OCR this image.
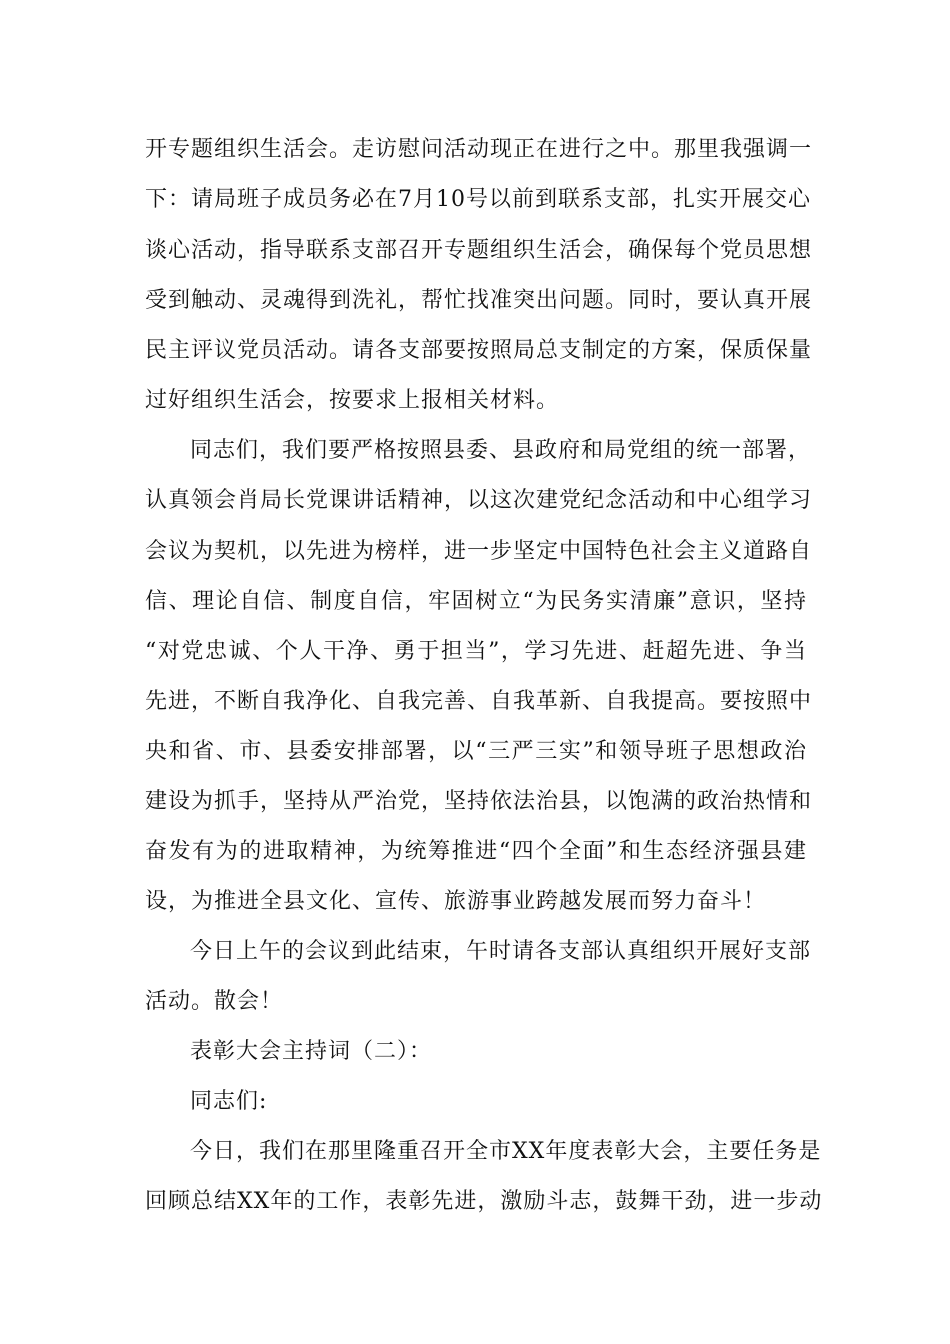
开专题组织生活会。走访慰问活动现正在进行之中。那里我强调一
下：请局班子成员务必在7月10号以前到联系支部，扎实开展交心
谈心活动，指导联系支部召开专题组织生活会，确保每个党员思想
受到触动、灵魂得到洗礼，帮忙找准突出问题。同时，要认真开展
民主评议党员活动。请各支部要按照局总支制定的方案，保质保量
过好组织生活会，按要求上报相关材料。
同志们，我们要严格按照县委、县政府和局党组的统一部署，
认真领会肖局长党课讲话精神，以这次建党纪念活动和中心组学习
会议为契机，以先进为榜样，进一步坚定中国特色社会主义道路自
信、理论自信、制度自信，牢固树立“为民务实清廉”意识，坚持
“对党忠诚、个人干净、勇于担当”，学习先进、赶超先进、争当
先进，不断自我净化、自我完善、自我革新、自我提高。要按照中
央和省、市、县委安排部署，以“三严三实”和领导班子思想政治
建设为抓手，坚持从严治党，坚持依法治县，以饱满的政治热情和
奋发有为的进取精神，为统筹推进“四个全面”和生态经济强县建
设，为推进全县文化、宣传、旅游事业跨越发展而努力奋斗！
今日上午的会议到此结束，午时请各支部认真组织开展好支部
活动。散会！
表彰大会主持词（二）：
同志们:
今日，我们在那里隆重召开全市XX年度表彰大会，主要任务是
回顾总结XX年的工作，表彰先进，激励斗志，鼓舞干劲，进一步动
